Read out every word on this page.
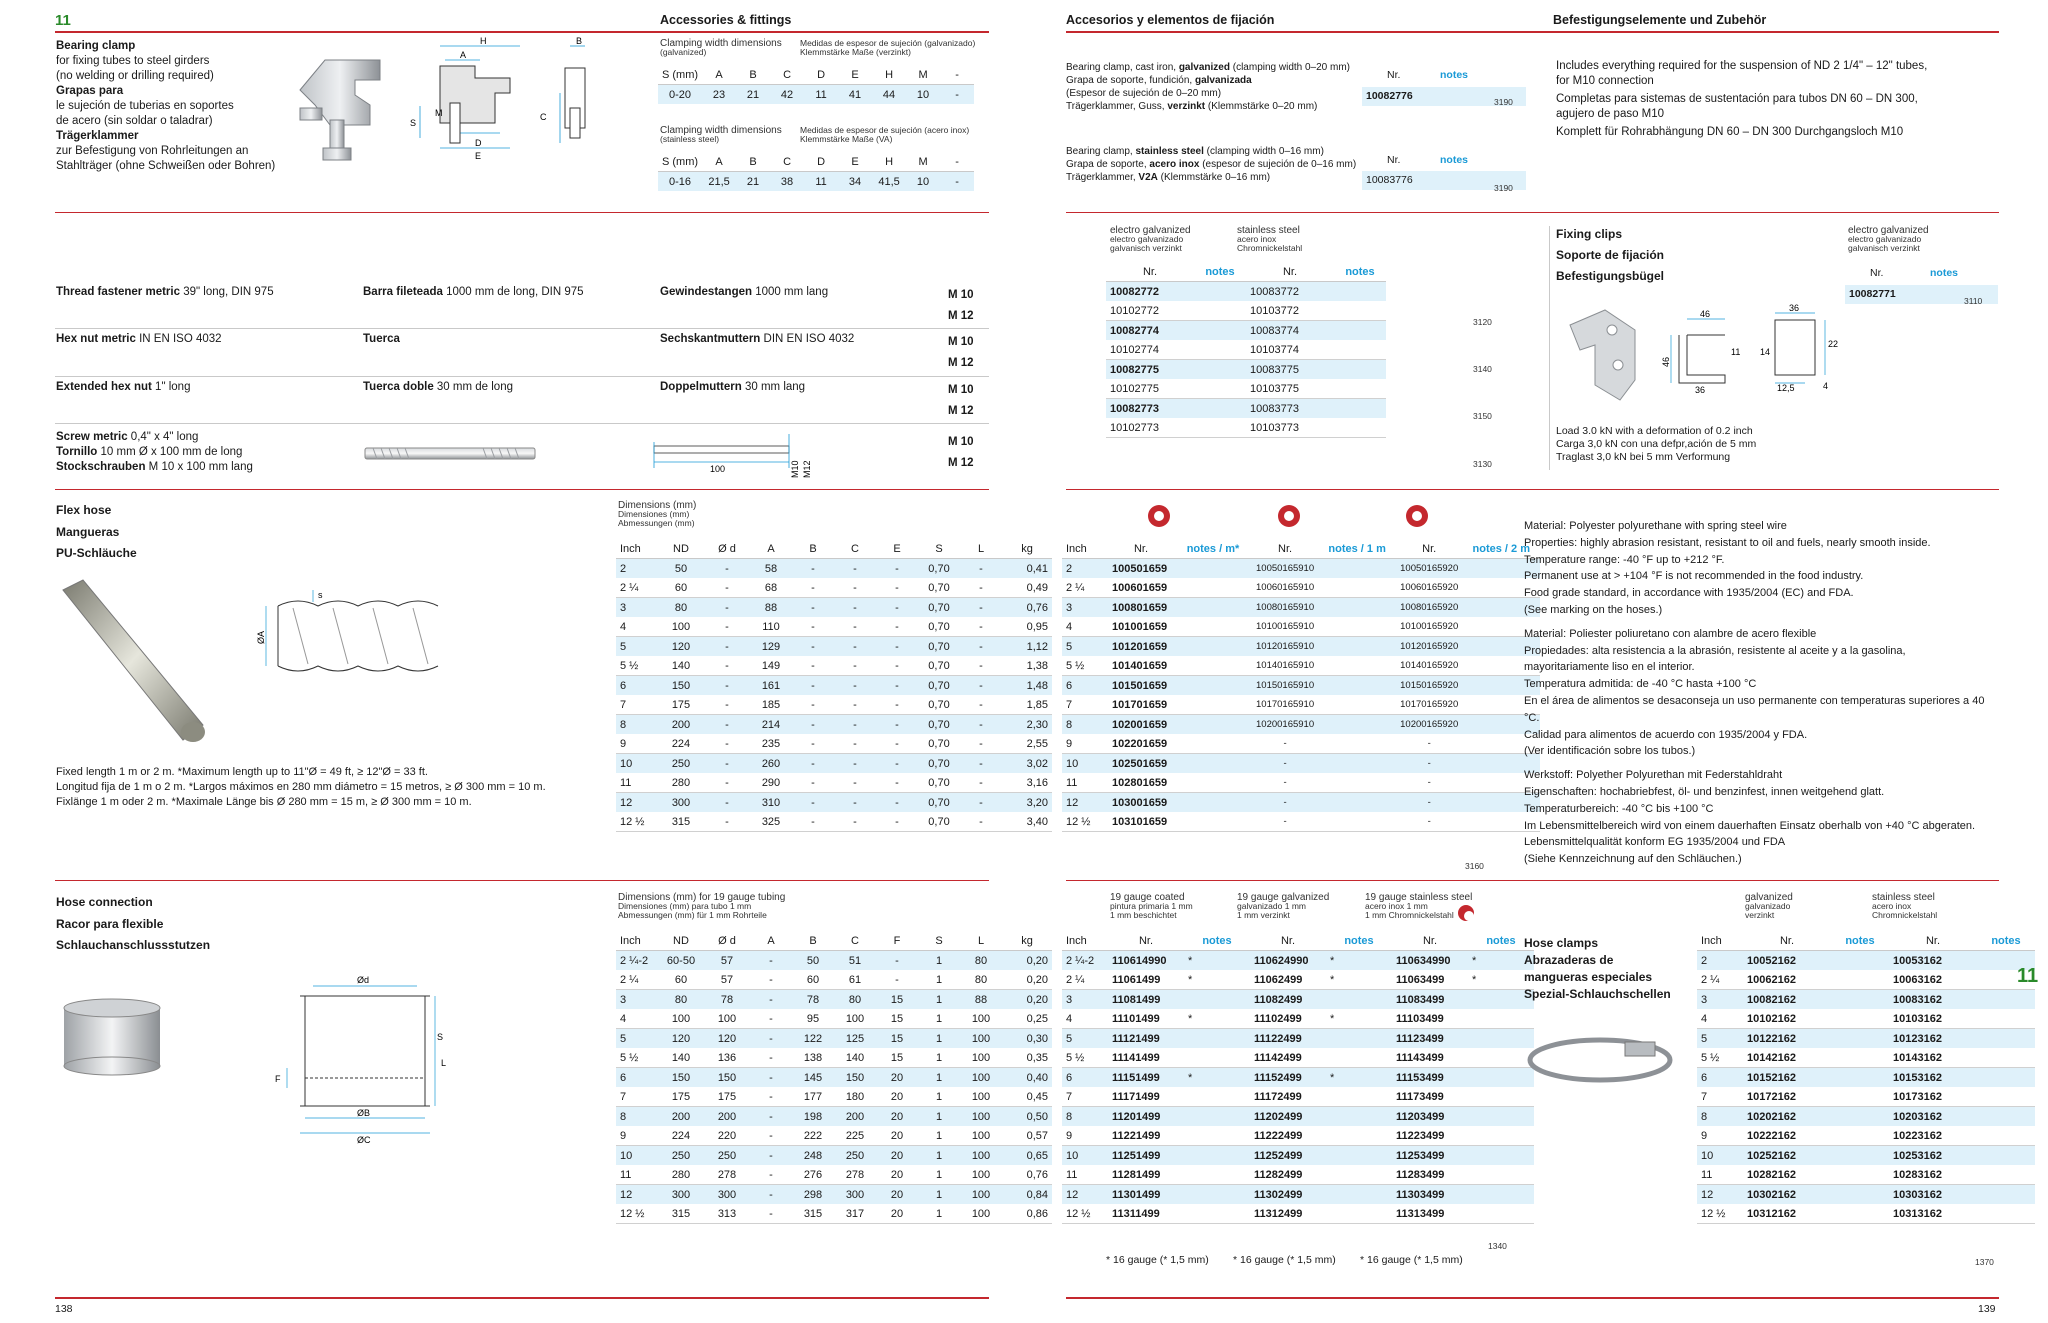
11	Accessories & fittings	Accesorios y elementos de fijación	Befestigungselemente und Zubehör
Bearing clamp
for fixing tubes to steel girders
(no welding or drilling required)
Grapas para
le sujeción de tuberias en soportes
de acero (sin soldar o taladrar)
Trägerklammer
zur Befestigung von Rohrleitungen an
Stahlträger (ohne Schweißen oder Bohren)
H
A
B
S
M	C
D
E
Clamping width dimensions
(galvanized)
Medidas de espesor de sujeción (galvanizado)
Klemmstärke Maße (verzinkt)
S (mm)	A	B	C	D	E	H	M	-
0-20	23	21	42	11	41	44	10	-
Clamping width dimensions
(stainless steel)
Medidas de espesor de sujeción (acero inox)
Klemmstärke Maße (VA)
S (mm)	A	B	C	D	E	H	M	-
0-16	21,5	21	38	11	34	41,5	10	-
Bearing clamp, cast iron, galvanized (clamping width 0–20 mm)
Grapa de soporte, fundición, galvanizada
(Espesor de sujeción de 0–20 mm)
Trägerklammer, Guss, verzinkt (Klemmstärke 0–20 mm)
Nr.	notes
10082776	3190
Bearing clamp, stainless steel (clamping width 0–16 mm)
Grapa de soporte, acero inox (espesor de sujeción de 0–16 mm)
Trägerklammer, V2A (Klemmstärke 0–16 mm)
Nr.	notes
10083776
3190
Includes everything required for the suspension of ND 2 1/4" – 12" tubes,
for M10 connection
Completas para sistemas de sustentación para tubos DN 60 – DN 300,
agujero de paso M10
Komplett für Rohrabhängung DN 60 – DN 300 Durchgangsloch M10
Thread fastener metric 39" long, DIN 975	Barra fileteada 1000 mm de long, DIN 975	Gewindestangen 1000 mm lang	M 10
M 12
Hex nut metric IN EN ISO 4032	Tuerca	Sechskantmuttern DIN EN ISO 4032	M 10
M 12
Extended hex nut 1" long	Tuerca doble 30 mm de long	Doppelmuttern 30 mm lang	M 10
M 12
Screw metric 0,4" x 4" long
Tornillo 10 mm Ø x 100 mm de long
Stockschrauben M 10 x 100 mm lang	100	M10 M12
M 10
M 12
electro galvanized
electro galvanizado
galvanisch verzinkt
stainless steel
acero inox
Chromnickelstahl
Nr.	notes	Nr.	notes
10082772		10083772	
10102772		10103772	
10082774		10083774	
10102774		10103774	
10082775		10083775	
10102775		10103775	
10082773		10083773	
10102773		10103773	
3120
3140
3150
3130
Fixing clips
Soporte de fijación
Befestigungsbügel
electro galvanized
electro galvanizado
galvanisch verzinkt
Nr.	notes
10082771
3110
46
46
11
36
36
14
22
12,5	4
Load 3.0 kN with a deformation of 0.2 inch
Carga 3,0 kN con una defpr,ación de 5 mm
Traglast 3,0 kN bei 5 mm Verformung
Flex hose
Mangueras
PU-Schläuche
s
ØA
Fixed length 1 m or 2 m. *Maximum length up to 11"Ø = 49 ft, ≥ 12"Ø = 33 ft.
Longitud fija de 1 m o 2 m. *Largos máximos en 280 mm diámetro = 15 metros, ≥ Ø 300 mm = 10 m.
Fixlänge 1 m oder 2 m. *Maximale Länge bis Ø 280 mm = 15 m, ≥ Ø 300 mm = 10 m.
Dimensions (mm)
Dimensiones (mm)
Abmessungen (mm)
Inch	ND	Ø d	A	B	C	E	S	L	kg
2	50	-	58	-	-	-	0,70	-	0,41
2 ¼	60	-	68	-	-	-	0,70	-	0,49
3	80	-	88	-	-	-	0,70	-	0,76
4	100	-	110	-	-	-	0,70	-	0,95
5	120	-	129	-	-	-	0,70	-	1,12
5 ½	140	-	149	-	-	-	0,70	-	1,38
6	150	-	161	-	-	-	0,70	-	1,48
7	175	-	185	-	-	-	0,70	-	1,85
8	200	-	214	-	-	-	0,70	-	2,30
9	224	-	235	-	-	-	0,70	-	2,55
10	250	-	260	-	-	-	0,70	-	3,02
11	280	-	290	-	-	-	0,70	-	3,16
12	300	-	310	-	-	-	0,70	-	3,20
12 ½	315	-	325	-	-	-	0,70	-	3,40
Inch	Nr.	notes / m*	Nr.	notes / 1 m	Nr.	notes / 2 m
2	100501659		10050165910		10050165920	
2 ¼	100601659		10060165910		10060165920	
3	100801659		10080165910		10080165920	
4	101001659		10100165910		10100165920	
5	101201659		10120165910		10120165920	
5 ½	101401659		10140165910		10140165920	
6	101501659		10150165910		10150165920	
7	101701659		10170165910		10170165920	
8	102001659		10200165910		10200165920	
9	102201659		-		-	
10	102501659		-		-	
11	102801659		-		-	
12	103001659		-		-	
12 ½	103101659		-		-	
3160
Material: Polyester polyurethane with spring steel wire
Properties: highly abrasion resistant, resistant to oil and fuels, nearly smooth inside.
Temperature range: -40 °F up to +212 °F.
Permanent use at > +104 °F is not recommended in the food industry.
Food grade standard, in accordance with 1935/2004 (EC) and FDA.
(See marking on the hoses.)
Material: Poliester poliuretano con alambre de acero flexible
Propiedades: alta resistencia a la abrasión, resistente al aceite y a la gasolina,
mayoritariamente liso en el interior.
Temperatura admitida: de -40 °C hasta +100 °C
En el área de alimentos se desaconseja un uso permanente con temperaturas superiores a 40 °C.
Calidad para alimentos de acuerdo con 1935/2004 y FDA.
(Ver identificación sobre los tubos.)
Werkstoff: Polyether Polyurethan mit Federstahldraht
Eigenschaften: hochabriebfest, öl- und benzinfest, innen weitgehend glatt.
Temperaturbereich: -40 °C bis +100 °C
Im Lebensmittelbereich wird von einem dauerhaften Einsatz oberhalb von +40 °C abgeraten.
Lebensmittelqualität konform EG 1935/2004 und FDA
(Siehe Kennzeichnung auf den Schläuchen.)
Hose connection
Racor para flexible
Schlauchanschlussstutzen
Ød
ØB
ØC
F
S
L
Dimensions (mm) for 19 gauge tubing
Dimensiones (mm) para tubo 1 mm
Abmessungen (mm) für 1 mm Rohrteile
Inch	ND	Ø d	A	B	C	F	S	L	kg
2 ¼-2	60-50	57	-	50	51	-	1	80	0,20
2 ¼	60	57	-	60	61	-	1	80	0,20
3	80	78	-	78	80	15	1	88	0,20
4	100	100	-	95	100	15	1	100	0,25
5	120	120	-	122	125	15	1	100	0,30
5 ½	140	136	-	138	140	15	1	100	0,35
6	150	150	-	145	150	20	1	100	0,40
7	175	175	-	177	180	20	1	100	0,45
8	200	200	-	198	200	20	1	100	0,50
9	224	220	-	222	225	20	1	100	0,57
10	250	250	-	248	250	20	1	100	0,65
11	280	278	-	276	278	20	1	100	0,76
12	300	300	-	298	300	20	1	100	0,84
12 ½	315	313	-	315	317	20	1	100	0,86
19 gauge coated
pintura primaria 1 mm
1 mm beschichtet
19 gauge galvanized
galvanizado 1 mm
1 mm verzinkt
19 gauge stainless steel
acero inox 1 mm
1 mm Chromnickelstahl
Inch	Nr.	notes	Nr.	notes	Nr.	notes
2 ¼-2	110614990	*	110624990	*	110634990	*
2 ¼	11061499	*	11062499	*	11063499	*
3	11081499		11082499		11083499	
4	11101499	*	11102499	*	11103499	
5	11121499		11122499		11123499	
5 ½	11141499		11142499		11143499	
6	11151499	*	11152499	*	11153499	
7	11171499		11172499		11173499	
8	11201499		11202499		11203499	
9	11221499		11222499		11223499	
10	11251499		11252499		11253499	
11	11281499		11282499		11283499	
12	11301499		11302499		11303499	
12 ½	11311499		11312499		11313499	
* 16 gauge (* 1,5 mm) * 16 gauge (* 1,5 mm) * 16 gauge (* 1,5 mm)
1340
Hose clamps
Abrazaderas de
mangueras especiales
Spezial-Schlauchschellen
galvanized
galvanizado
verzinkt
stainless steel
acero inox
Chromnickelstahl
Inch	Nr.	notes	Nr.	notes
2	10052162		10053162	
2 ¼	10062162		10063162	
3	10082162		10083162	
4	10102162		10103162	
5	10122162		10123162	
5 ½	10142162		10143162	
6	10152162		10153162	
7	10172162		10173162	
8	10202162		10203162	
9	10222162		10223162	
10	10252162		10253162	
11	10282162		10283162	
12	10302162		10303162	
12 ½	10312162		10313162	
1370
138	139
11
